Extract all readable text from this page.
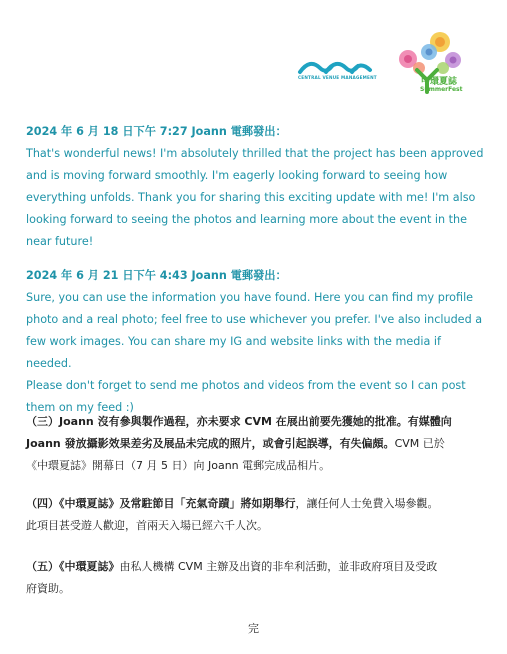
CENTRAL VENUE MANAGEMENT	中環夏誌
SummerFest
2024 年 6 月 18 日下午 7:27 Joann 電郵發出：
That's wonderful news! I'm absolutely thrilled that the project has been approved
and is moving forward smoothly. I'm eagerly looking forward to seeing how
everything unfolds. Thank you for sharing this exciting update with me! I'm also
looking forward to seeing the photos and learning more about the event in the
near future!
2024 年 6 月 21 日下午 4:43 Joann 電郵發出：
Sure, you can use the information you have found. Here you can find my profile
photo and a real photo; feel free to use whichever you prefer. I've also included a
few work images. You can share my IG and website links with the media if needed.
Please don't forget to send me photos and videos from the event so I can post
them on my feed :)
（三）Joann 沒有參與製作過程，亦未要求 CVM 在展出前要先獲她的批准。有媒體向
Joann 發放攝影效果差劣及展品未完成的照片，或會引起誤導，有失偏頗。CVM 已於
《中環夏誌》開幕日（7 月 5 日）向 Joann 電郵完成品相片。
（四）《中環夏誌》及常駐節目「充氣奇蹟」將如期舉行，讓任何人士免費入場參觀。
此項目甚受遊人歡迎，首兩天入場已經六千人次。
（五）《中環夏誌》由私人機構 CVM 主辦及出資的非牟利活動，並非政府項目及受政
府資助。
完
